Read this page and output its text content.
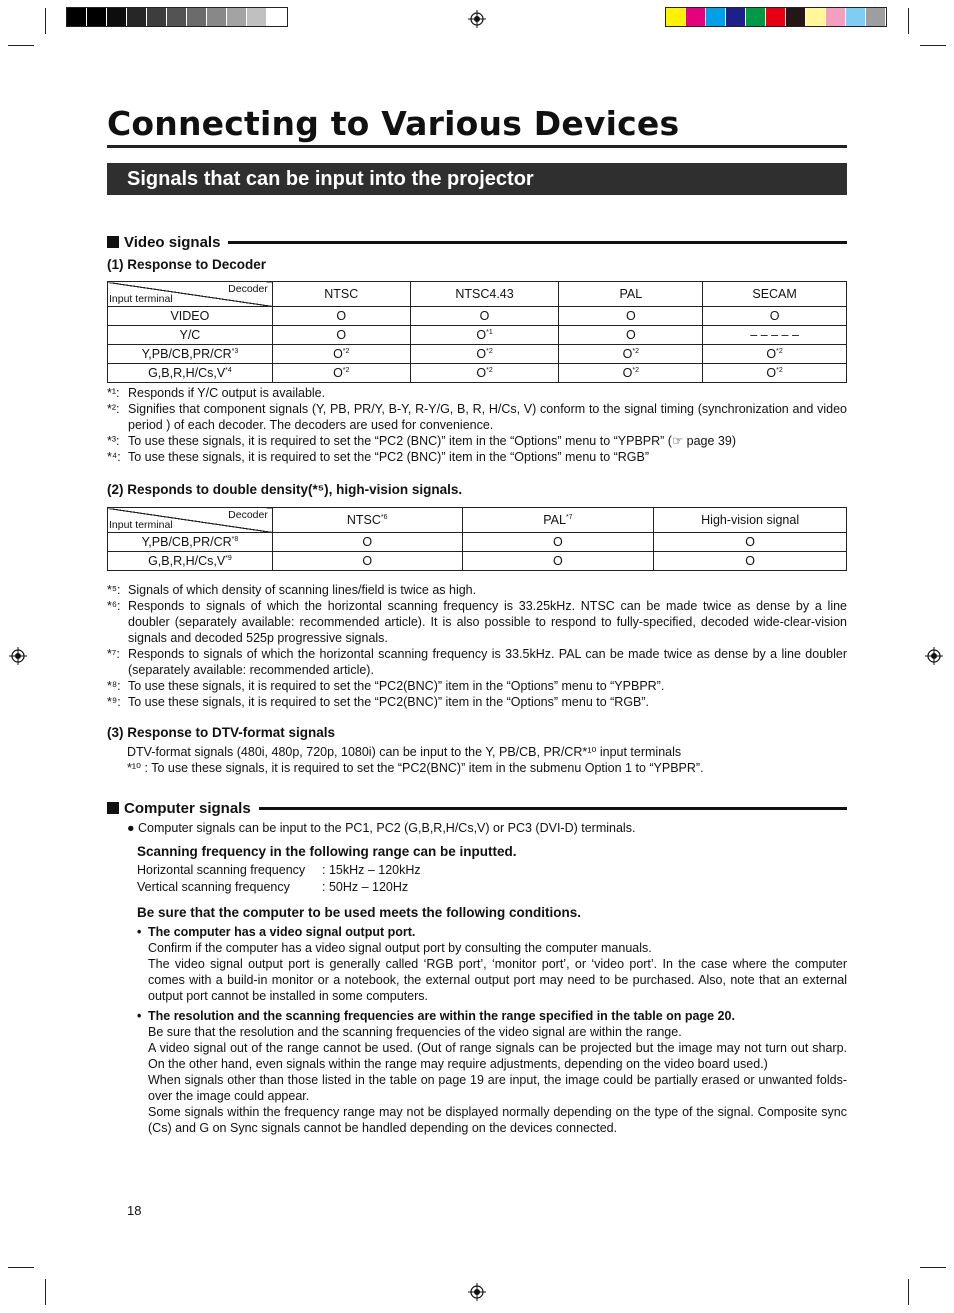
Connecting to Various Devices
Signals that can be input into the projector
Video signals
(1) Response to Decoder
Decoder
Input terminal	NTSC	NTSC4.43	PAL	SECAM
VIDEO	O	O	O	O
Y/C	O	$O^{*1}$	O	– – – – –
Y,PB/CB,PR/CR$^{*3}$	$O^{*2}$	$O^{*2}$	$O^{*2}$	$O^{*2}$
$G,B,R,H/Cs,V^{*4}$	$O^{*2}$	$O^{*2}$	$O^{*2}$	$O^{*2}$
*¹: Responds if Y/C output is available.
*²: Signifies that component signals (Y, PB, PR/Y, B-Y, R-Y/G, B, R, H/Cs, V) conform to the signal timing (synchronization and video period ) of each decoder. The decoders are used for convenience.
*³: To use these signals, it is required to set the “PC2 (BNC)” item in the “Options” menu to “YPBPR” (☞ page 39)
*⁴: To use these signals, it is required to set the “PC2 (BNC)” item in the “Options” menu to “RGB”
(2) Responds to double density(*⁵), high-vision signals.
Decoder
Input terminal	NTSC$^{*6}$	PAL$^{*7}$	High-vision signal
Y,PB/CB,PR/CR$^{*8}$	O	O	O
$G,B,R,H/Cs,V^{*9}$	O	O	O
*⁵: Signals of which density of scanning lines/field is twice as high.
*⁶: Responds to signals of which the horizontal scanning frequency is 33.25kHz. NTSC can be made twice as dense by a line doubler (separately available: recommended article). It is also possible to respond to fully-specified, decoded wide-clear-vision signals and decoded 525p progressive signals.
*⁷: Responds to signals of which the horizontal scanning frequency is 33.5kHz. PAL can be made twice as dense by a line doubler (separately available: recommended article).
*⁸: To use these signals, it is required to set the “PC2(BNC)” item in the “Options” menu to “YPBPR”.
*⁹: To use these signals, it is required to set the “PC2(BNC)” item in the “Options” menu to “RGB”.
(3) Response to DTV-format signals
DTV-format signals (480i, 480p, 720p, 1080i) can be input to the Y, PB/CB, PR/CR*¹⁰ input terminals
*¹⁰ : To use these signals, it is required to set the “PC2(BNC)” item in the submenu Option 1 to “YPBPR”.
Computer signals
● Computer signals can be input to the PC1, PC2 (G,B,R,H/Cs,V) or PC3 (DVI-D) terminals.
Scanning frequency in the following range can be inputted.
Horizontal scanning frequency	: 15kHz – 120kHz
Vertical scanning frequency	: 50Hz – 120Hz
Be sure that the computer to be used meets the following conditions.
• The computer has a video signal output port.

Confirm if the computer has a video signal output port by consulting the computer manuals.

The video signal output port is generally called ‘RGB port’, ‘monitor port’, or ‘video port’. In the case where the computer comes with a build-in monitor or a notebook, the external output port may need to be purchased. Also, note that an external output port cannot be installed in some computers.

• The resolution and the scanning frequencies are within the range specified in the table on page 20.

Be sure that the resolution and the scanning frequencies of the video signal are within the range.

A video signal out of the range cannot be used. (Out of range signals can be projected but the image may not turn out sharp. On the other hand, even signals within the range may require adjustments, depending on the video board used.)

When signals other than those listed in the table on page 19 are input, the image could be partially erased or unwanted folds-over the image could appear.

Some signals within the frequency range may not be displayed normally depending on the type of the signal. Composite sync (Cs) and G on Sync signals cannot be handled depending on the devices connected.

18
